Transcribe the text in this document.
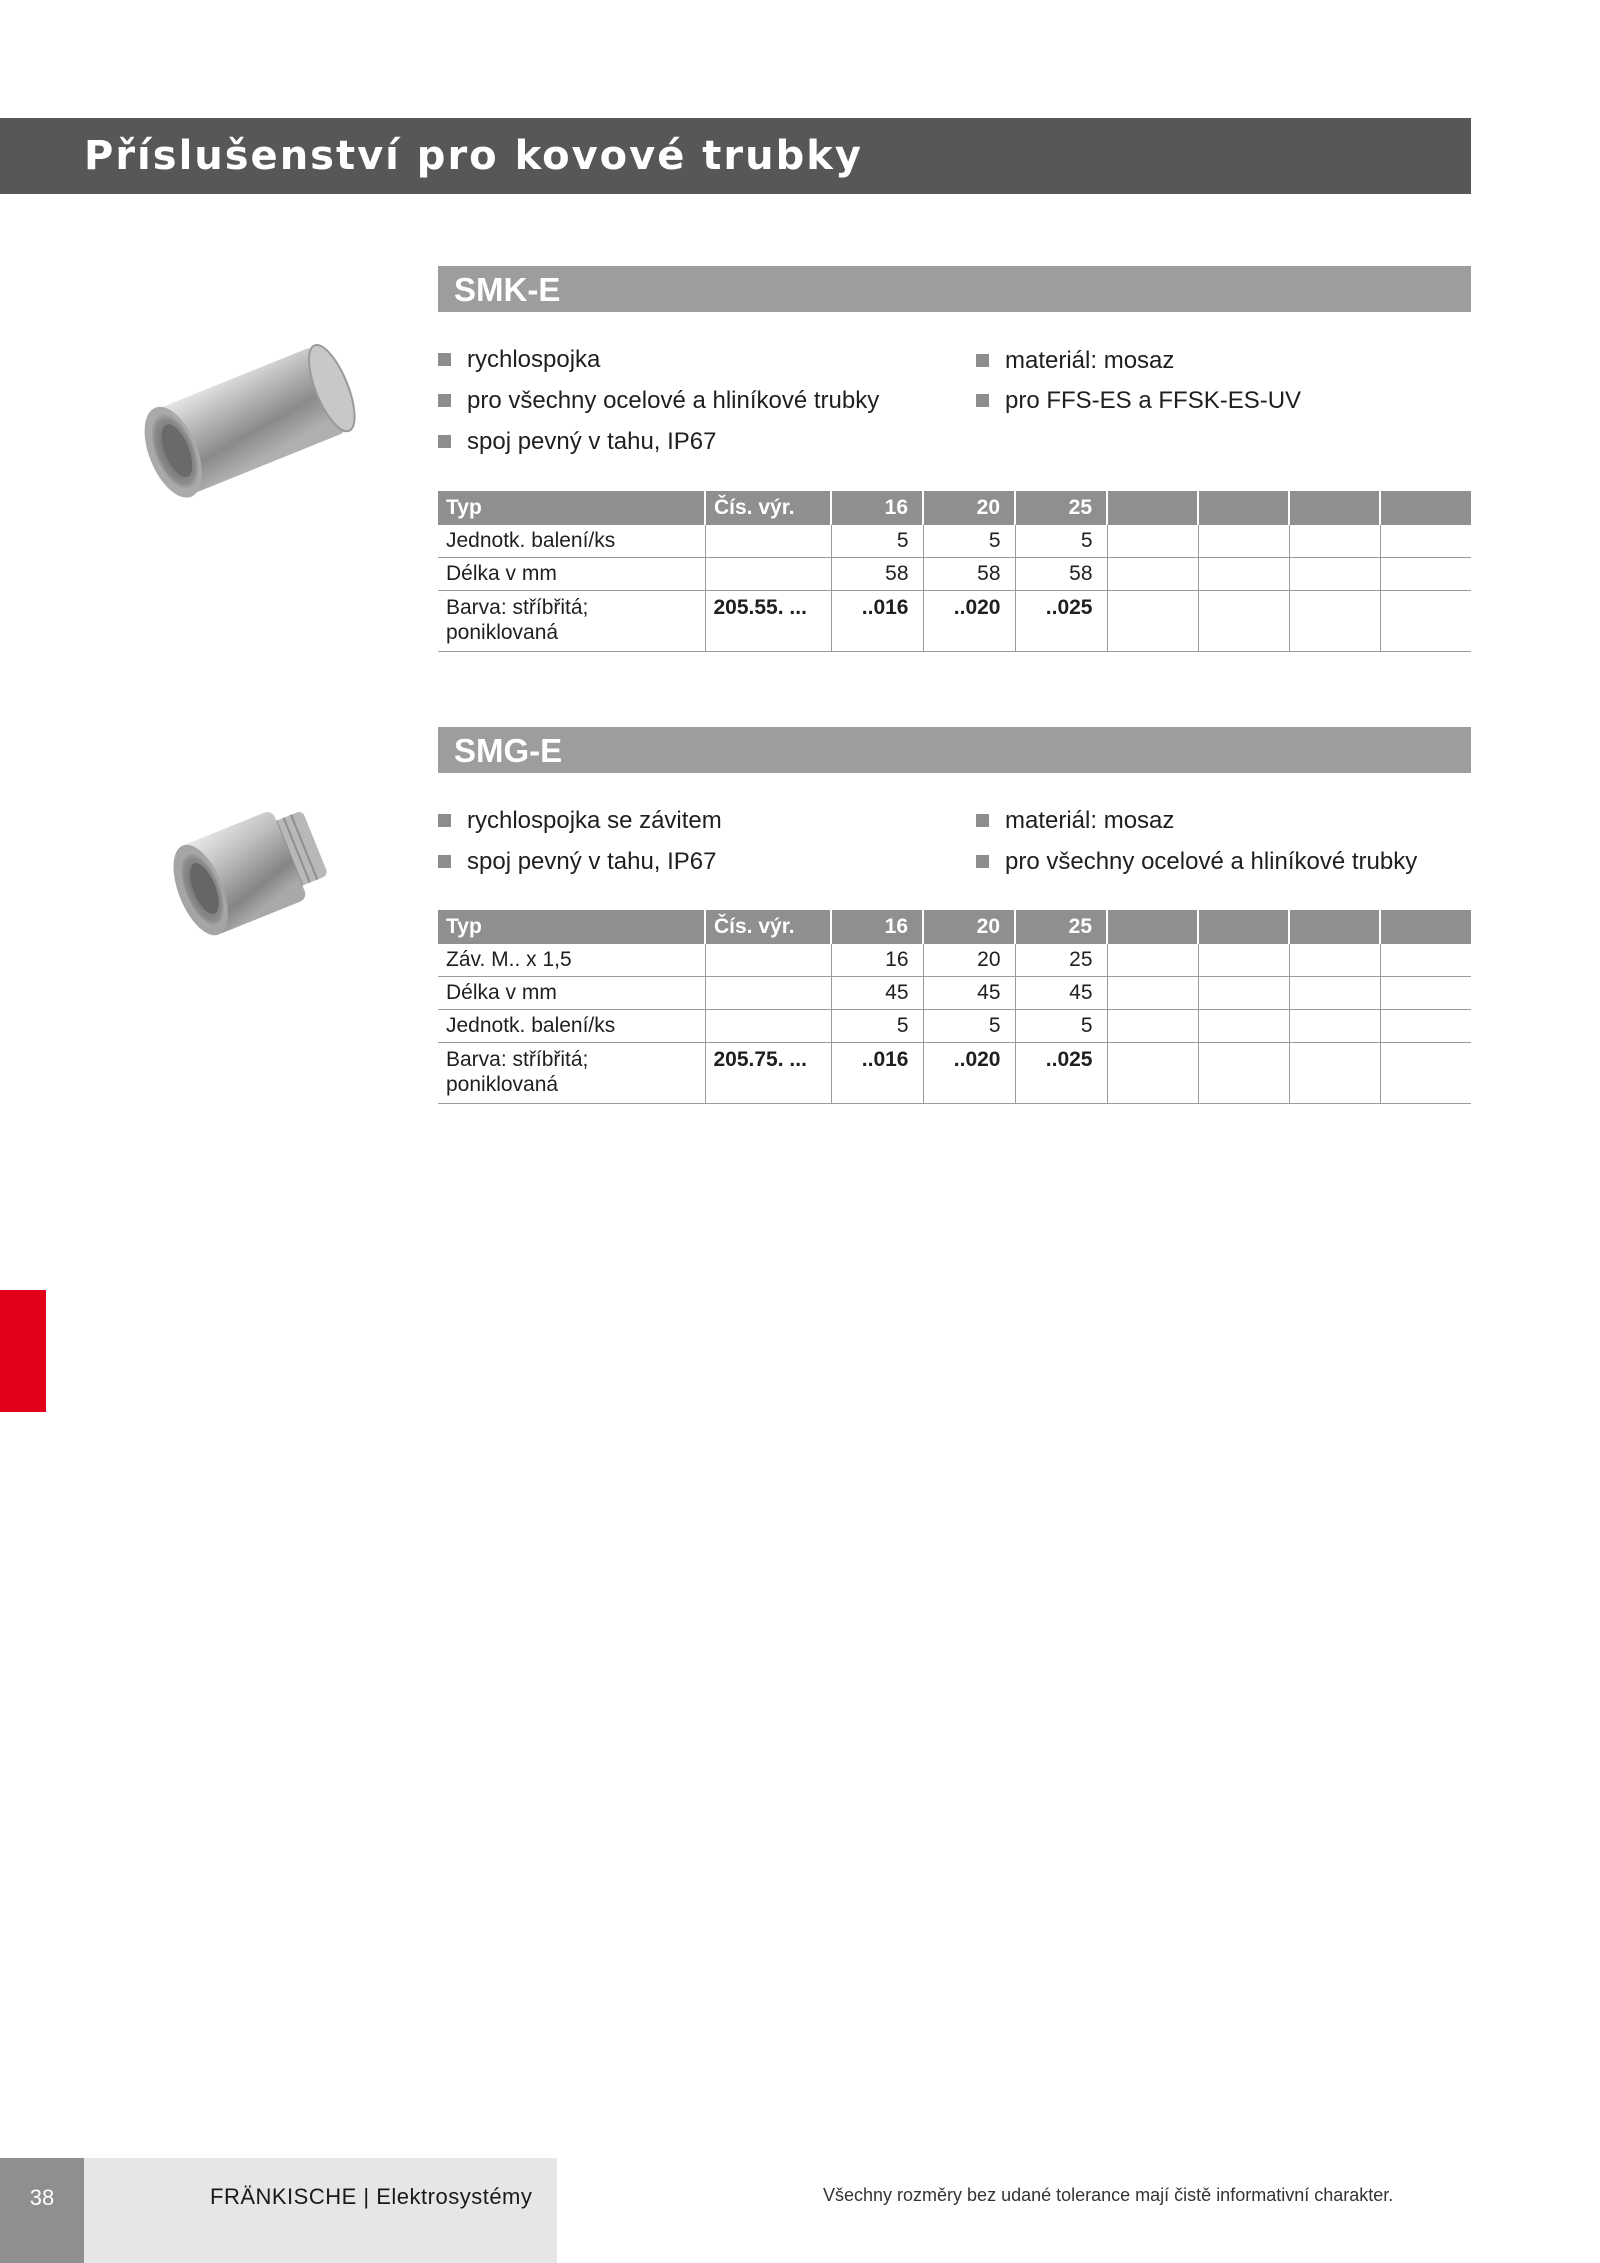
Příslušenství pro kovové trubky
SMK-E
rychlospojka
pro všechny ocelové a hliníkové trubky
spoj pevný v tahu, IP67
materiál: mosaz
pro FFS-ES a FFSK-ES-UV
Typ	Čís. výr.	16	20	25				
Jednotk. balení/ks		5	5	5				
Délka v mm		58	58	58				
Barva: stříbřitá; poniklovaná	205.55. ...	..016	..020	..025				
SMG-E
rychlospojka se závitem
spoj pevný v tahu, IP67
materiál: mosaz
pro všechny ocelové a hliníkové trubky
Typ	Čís. výr.	16	20	25				
Záv. M.. x 1,5		16	20	25				
Délka v mm		45	45	45				
Jednotk. balení/ks		5	5	5				
Barva: stříbřitá; poniklovaná	205.75. ...	..016	..020	..025				
38	FRÄNKISCHE | Elektrosystémy	Všechny rozměry bez udané tolerance mají čistě informativní charakter.
